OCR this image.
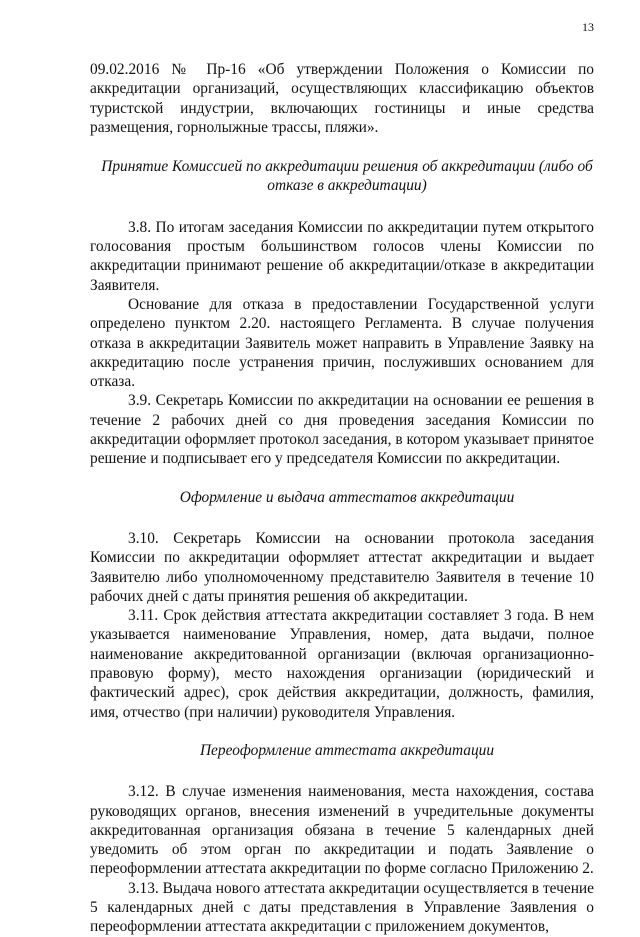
13

09.02.2016 № Пр-16 «Об утверждении Положения о Комиссии по аккредитации организаций, осуществляющих классификацию объектов туристской индустрии, включающих гостиницы и иные средства размещения, горнолыжные трассы, пляжи».

Принятие Комиссией по аккредитации решения об аккредитации (либо об отказе в аккредитации)

3.8. По итогам заседания Комиссии по аккредитации путем открытого голосования простым большинством голосов члены Комиссии по аккредитации принимают решение об аккредитации/отказе в аккредитации Заявителя.

Основание для отказа в предоставлении Государственной услуги определено пунктом 2.20. настоящего Регламента. В случае получения отказа в аккредитации Заявитель может направить в Управление Заявку на аккредитацию после устранения причин, послуживших основанием для отказа.

3.9. Секретарь Комиссии по аккредитации на основании ее решения в течение 2 рабочих дней со дня проведения заседания Комиссии по аккредитации оформляет протокол заседания, в котором указывает принятое решение и подписывает его у председателя Комиссии по аккредитации.

Оформление и выдача аттестатов аккредитации

3.10. Секретарь Комиссии на основании протокола заседания Комиссии по аккредитации оформляет аттестат аккредитации и выдает Заявителю либо уполномоченному представителю Заявителя в течение 10 рабочих дней с даты принятия решения об аккредитации.

3.11. Срок действия аттестата аккредитации составляет 3 года. В нем указывается наименование Управления, номер, дата выдачи, полное наименование аккредитованной организации (включая организационно-правовую форму), место нахождения организации (юридический и фактический адрес), срок действия аккредитации, должность, фамилия, имя, отчество (при наличии) руководителя Управления.

Переоформление аттестата аккредитации

3.12. В случае изменения наименования, места нахождения, состава руководящих органов, внесения изменений в учредительные документы аккредитованная организация обязана в течение 5 календарных дней уведомить об этом орган по аккредитации и подать Заявление о переоформлении аттестата аккредитации по форме согласно Приложению 2.

3.13. Выдача нового аттестата аккредитации осуществляется в течение 5 календарных дней с даты представления в Управление Заявления о переоформлении аттестата аккредитации с приложением документов,
